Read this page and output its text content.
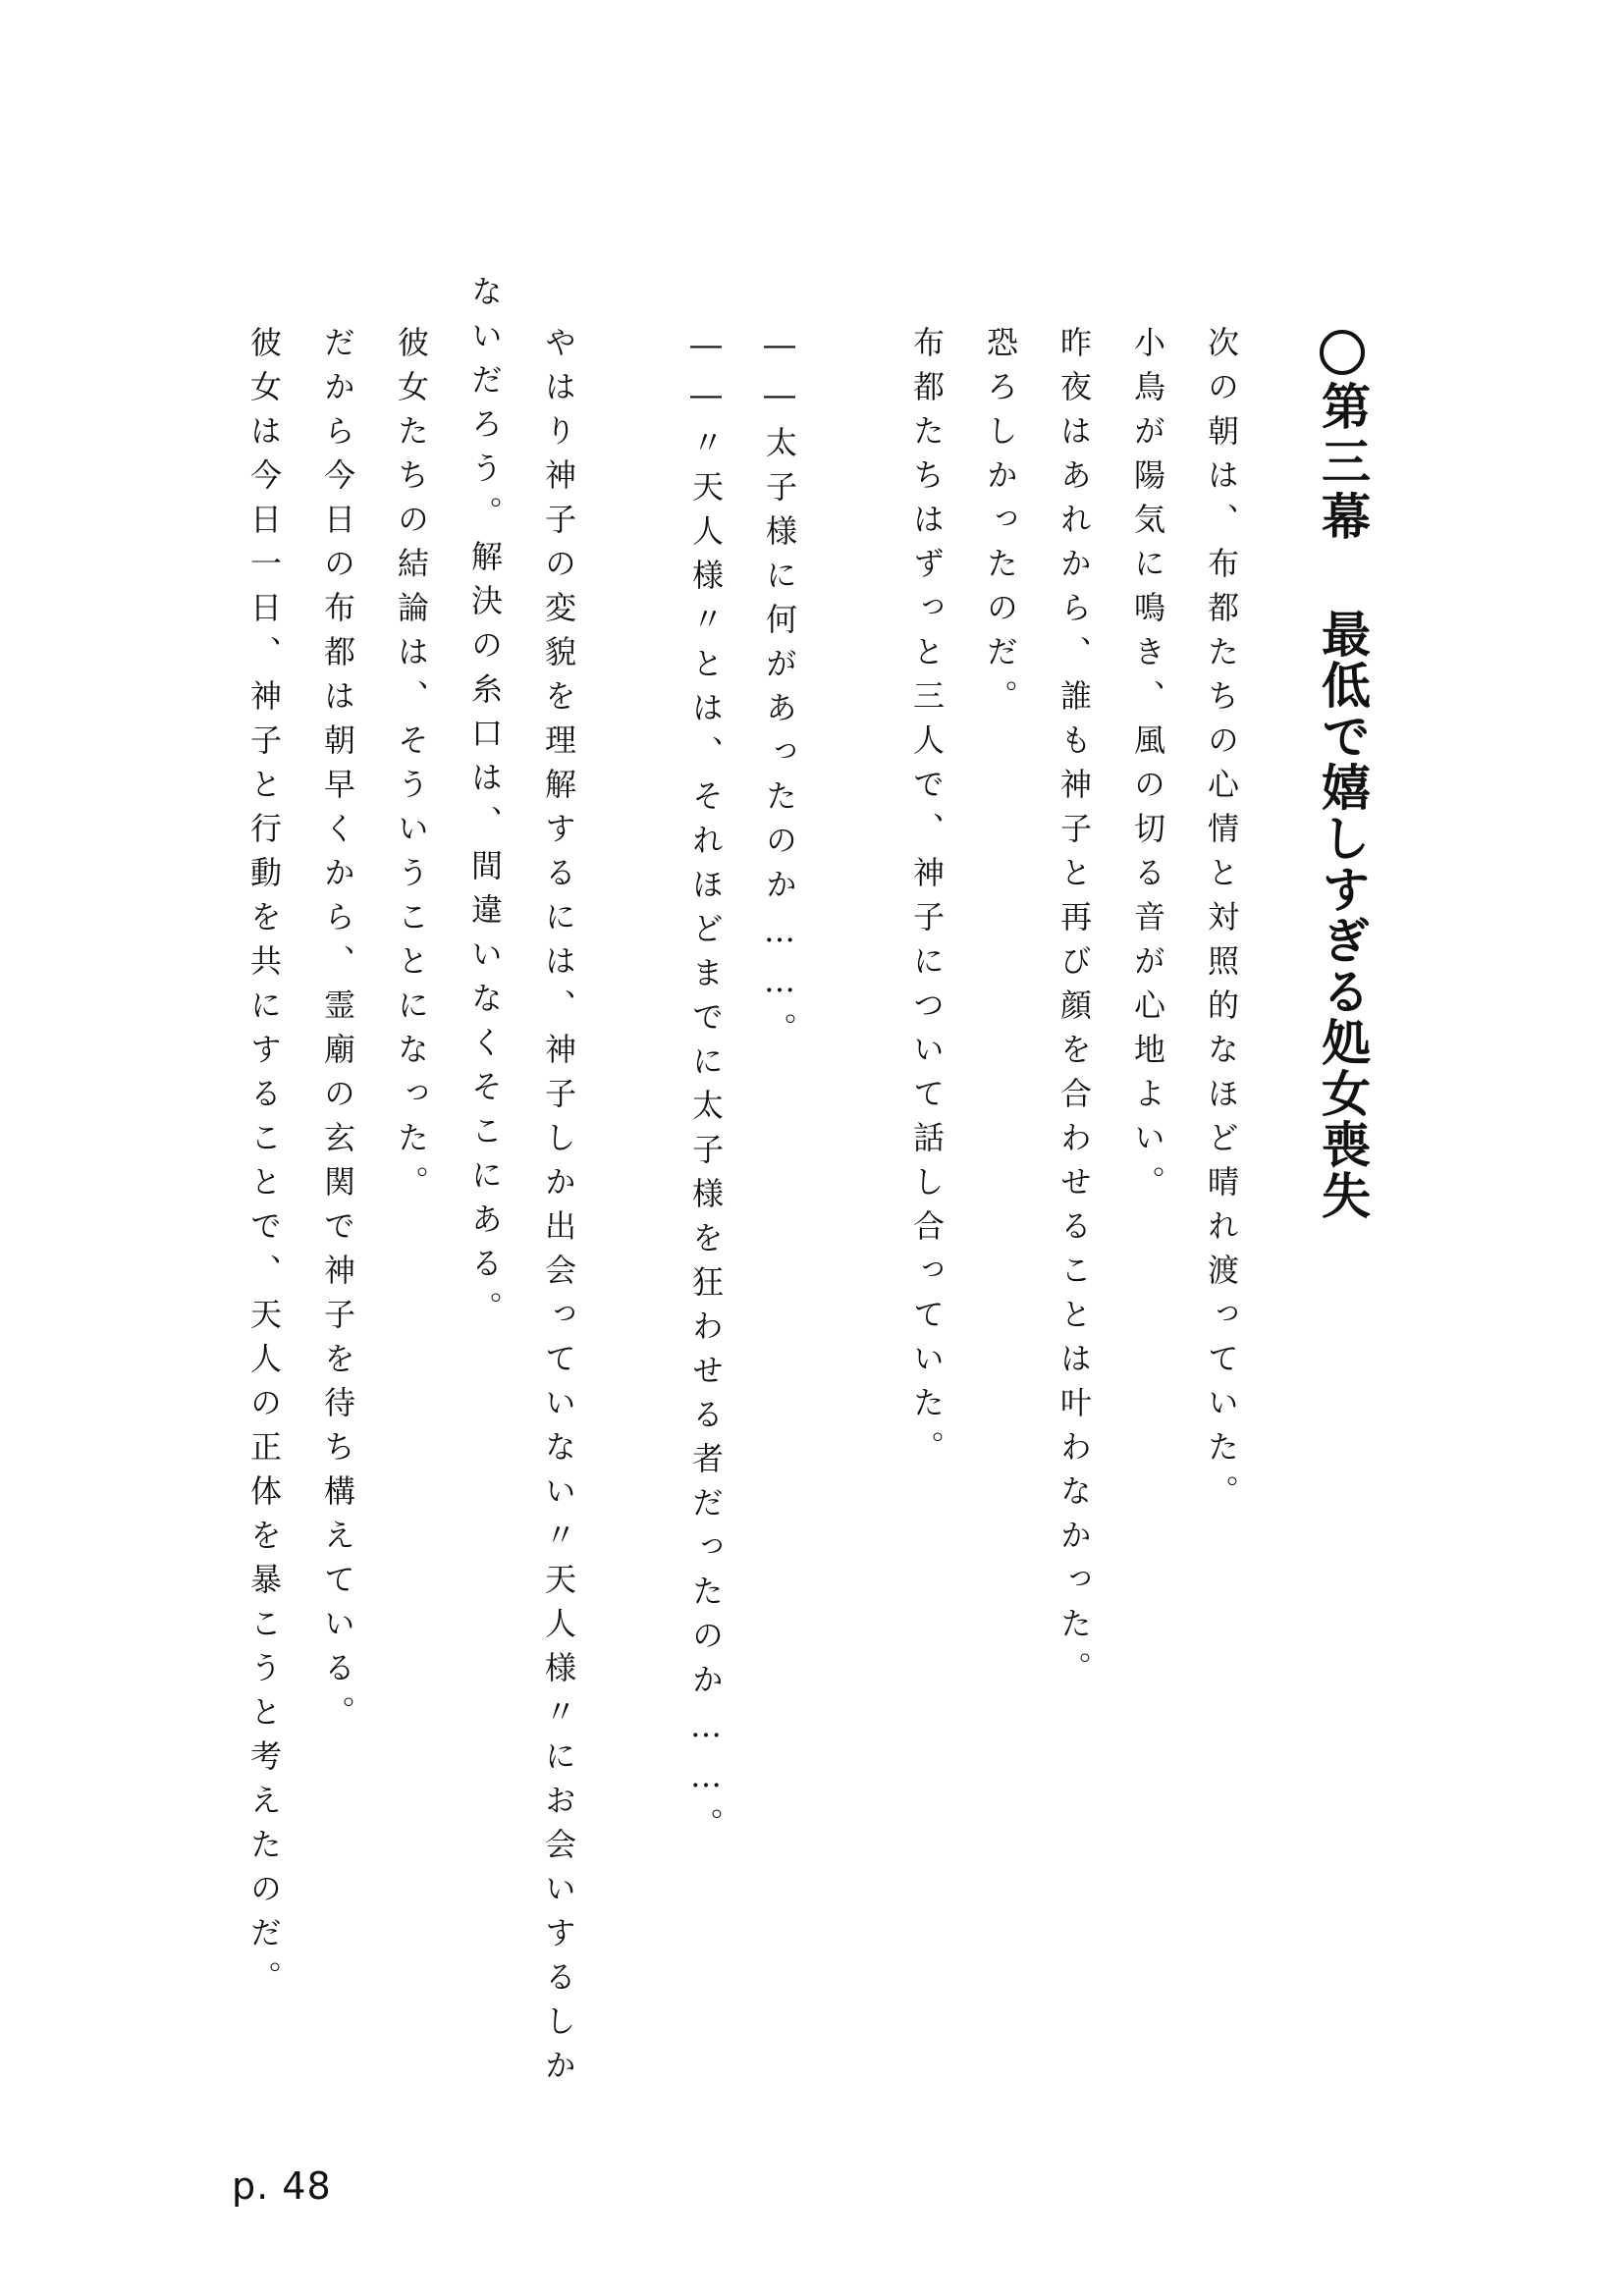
第三幕最低で嬉しすぎる処女喪失
次の朝は、布都たちの心情と対照的なほど晴れ渡っていた。
小鳥が陽気に鳴き、風の切る音が心地よい。
昨夜はあれから、誰も神子と再び顔を合わせることは叶わなかった。
恐ろしかったのだ。
布都たちはずっと三人で、神子について話し合っていた。
――太子様に何があったのか……。
――〃天人様〃とは、それほどまでに太子様を狂わせる者だったのか……。
やはり神子の変貌を理解するには、神子しか出会っていない〃天人様〃にお会いするしか
ないだろう。解決の糸口は、間違いなくそこにある。
彼女たちの結論は、そういうことになった。
だから今日の布都は朝早くから、霊廟の玄関で神子を待ち構えている。
彼女は今日一日、神子と行動を共にすることで、天人の正体を暴こうと考えたのだ。
p. 48
